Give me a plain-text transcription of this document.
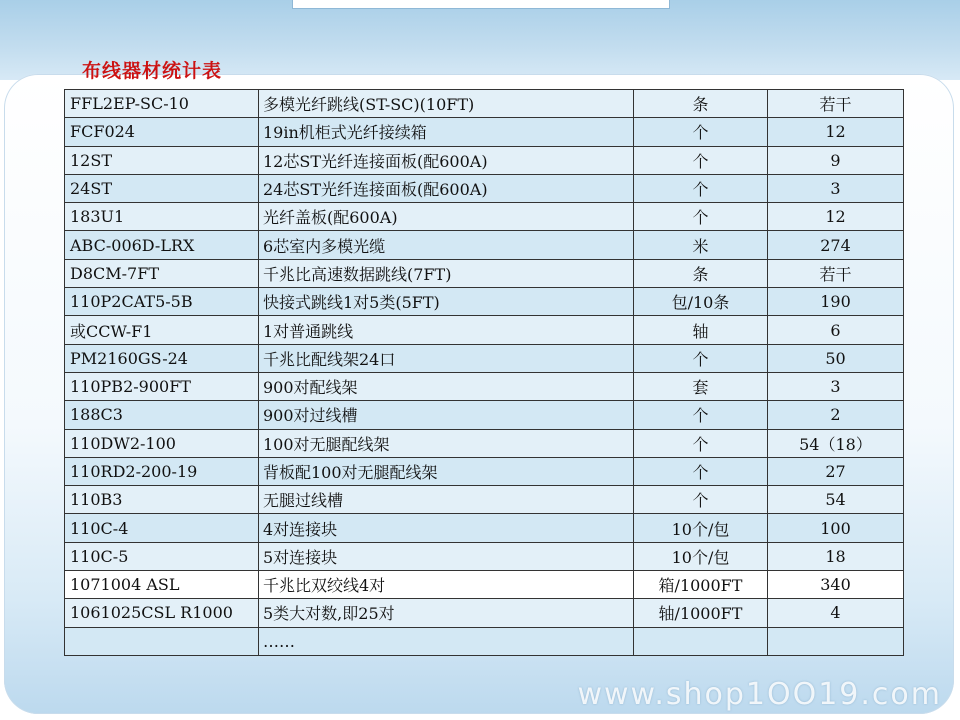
布线器材统计表
FFL2EP-SC-10	多模光纤跳线(ST-SC)(10FT)	条	若干
FCF024	19in机柜式光纤接续箱	个	12
12ST	12芯ST光纤连接面板(配600A)	个	9
24ST	24芯ST光纤连接面板(配600A)	个	3
183U1	光纤盖板(配600A)	个	12
ABC-006D-LRX	6芯室内多模光缆	米	274
D8CM-7FT	千兆比高速数据跳线(7FT)	条	若干
110P2CAT5-5B	快接式跳线1对5类(5FT)	包/10条	190
或CCW-F1	1对普通跳线	轴	6
PM2160GS-24	千兆比配线架24口	个	50
110PB2-900FT	900对配线架	套	3
188C3	900对过线槽	个	2
110DW2-100	100对无腿配线架	个	54（18）
110RD2-200-19	背板配100对无腿配线架	个	27
110B3	无腿过线槽	个	54
110C-4	4对连接块	10个/包	100
110C-5	5对连接块	10个/包	18
1071004 ASL	千兆比双绞线4对	箱/1000FT	340
1061025CSL R1000	5类大对数,即25对	轴/1000FT	4
	……		
www.shop1OO19.com
